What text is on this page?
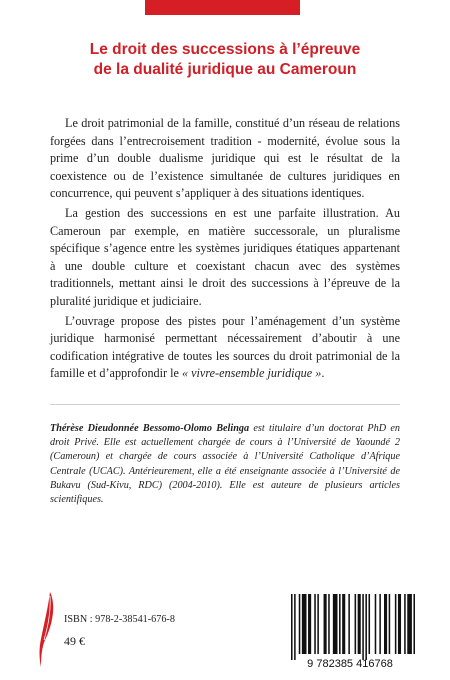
Le droit des successions à l’épreuve
de la dualité juridique au Cameroun

Le droit patrimonial de la famille, constitué d’un réseau de relations forgées dans l’entrecroisement tradition - modernité, évolue sous la prime d’un double dualisme juridique qui est le résultat de la coexistence ou de l’existence simultanée de cultures juridiques en concurrence, qui peuvent s’appliquer à des situations identiques.

La gestion des successions en est une parfaite illustration. Au Cameroun par exemple, en matière successorale, un pluralisme spécifique s’agence entre les systèmes juridiques étatiques appartenant à une double culture et coexistant chacun avec des systèmes traditionnels, mettant ainsi le droit des successions à l’épreuve de la pluralité juridique et judiciaire.

L’ouvrage propose des pistes pour l’aménagement d’un système juridique harmonisé permettant nécessairement d’aboutir à une codification intégrative de toutes les sources du droit patrimonial de la famille et d’approfondir le « vivre-ensemble juridique ».

Thérèse Dieudonnée Bessomo-Olomo Belinga est titulaire d’un doctorat PhD en droit Privé. Elle est actuellement chargée de cours à l’Université de Yaoundé 2 (Cameroun) et chargée de cours associée à l’Université Catholique d’Afrique Centrale (UCAC). Antérieurement, elle a été enseignante associée à l’Université de Bukavu (Sud-Kivu, RDC) (2004-2010). Elle est auteure de plusieurs articles scientifiques.
ISBN : 978-2-38541-676-8
49 €
9 782385 416768
